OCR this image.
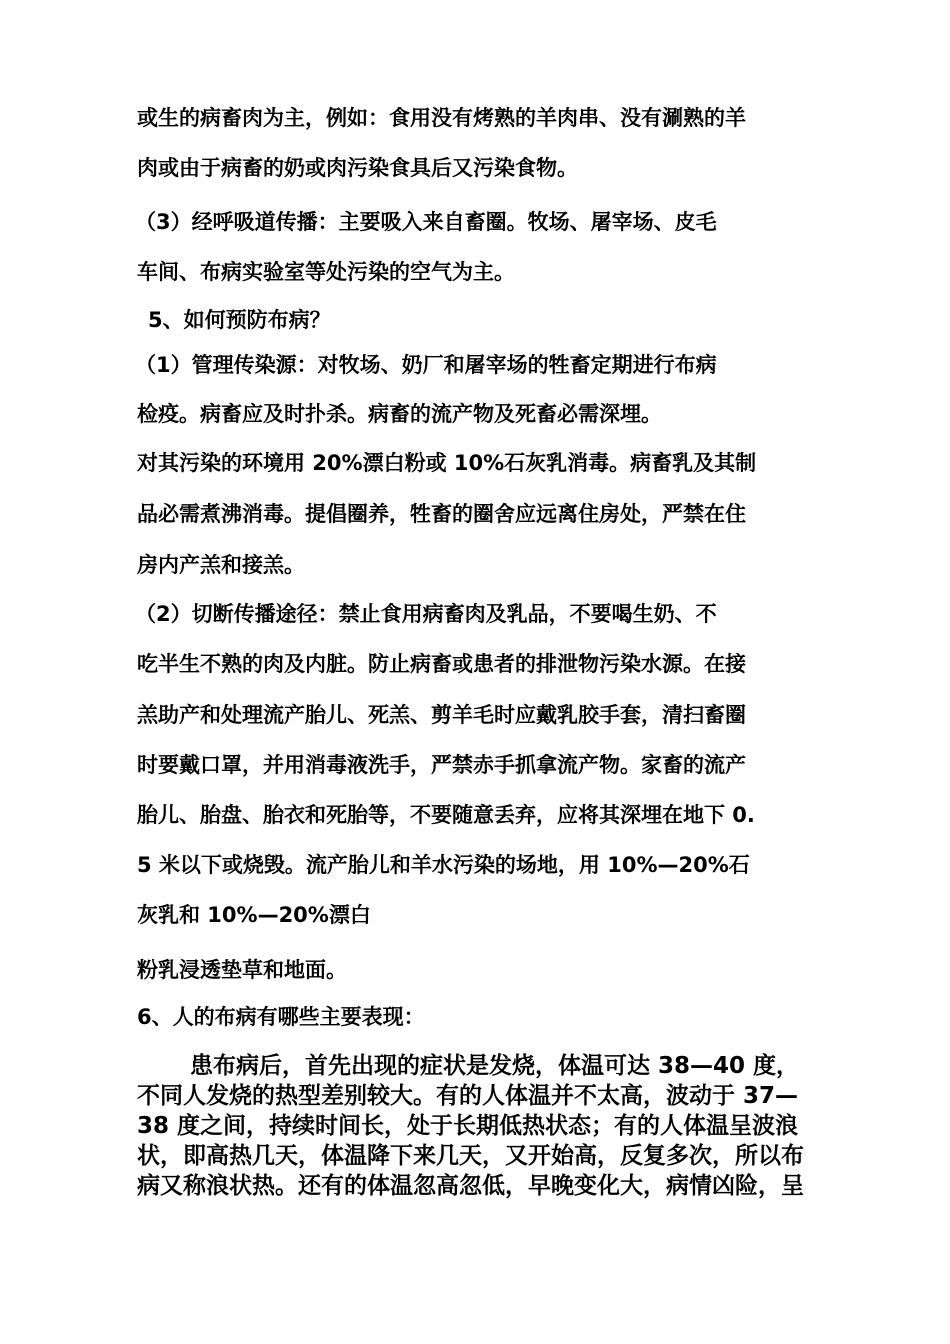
或生的病畜肉为主，例如：食用没有烤熟的羊肉串、没有涮熟的羊
肉或由于病畜的奶或肉污染食具后又污染食物。
（3）经呼吸道传播：主要吸入来自畜圈。牧场、屠宰场、皮毛
车间、布病实验室等处污染的空气为主。
5、如何预防布病？
（1）管理传染源：对牧场、奶厂和屠宰场的牲畜定期进行布病
检疫。病畜应及时扑杀。病畜的流产物及死畜必需深埋。
对其污染的环境用 20%漂白粉或 10%石灰乳消毒。病畜乳及其制
品必需煮沸消毒。提倡圈养，牲畜的圈舍应远离住房处，严禁在住
房内产羔和接羔。
（2）切断传播途径：禁止食用病畜肉及乳品，不要喝生奶、不
吃半生不熟的肉及内脏。防止病畜或患者的排泄物污染水源。在接
羔助产和处理流产胎儿、死羔、剪羊毛时应戴乳胶手套，清扫畜圈
时要戴口罩，并用消毒液洗手，严禁赤手抓拿流产物。家畜的流产
胎儿、胎盘、胎衣和死胎等，不要随意丢弃，应将其深埋在地下 0.
5 米以下或烧毁。流产胎儿和羊水污染的场地，用 10%—20%石
灰乳和 10%—20%漂白
粉乳浸透垫草和地面。
6、人的布病有哪些主要表现：
患布病后，首先出现的症状是发烧，体温可达 38—40 度，
不同人发烧的热型差别较大。有的人体温并不太高，波动于 37—
38 度之间，持续时间长，处于长期低热状态；有的人体温呈波浪
状，即高热几天，体温降下来几天，又开始高，反复多次，所以布
病又称浪状热。还有的体温忽高忽低，早晚变化大，病情凶险，呈
